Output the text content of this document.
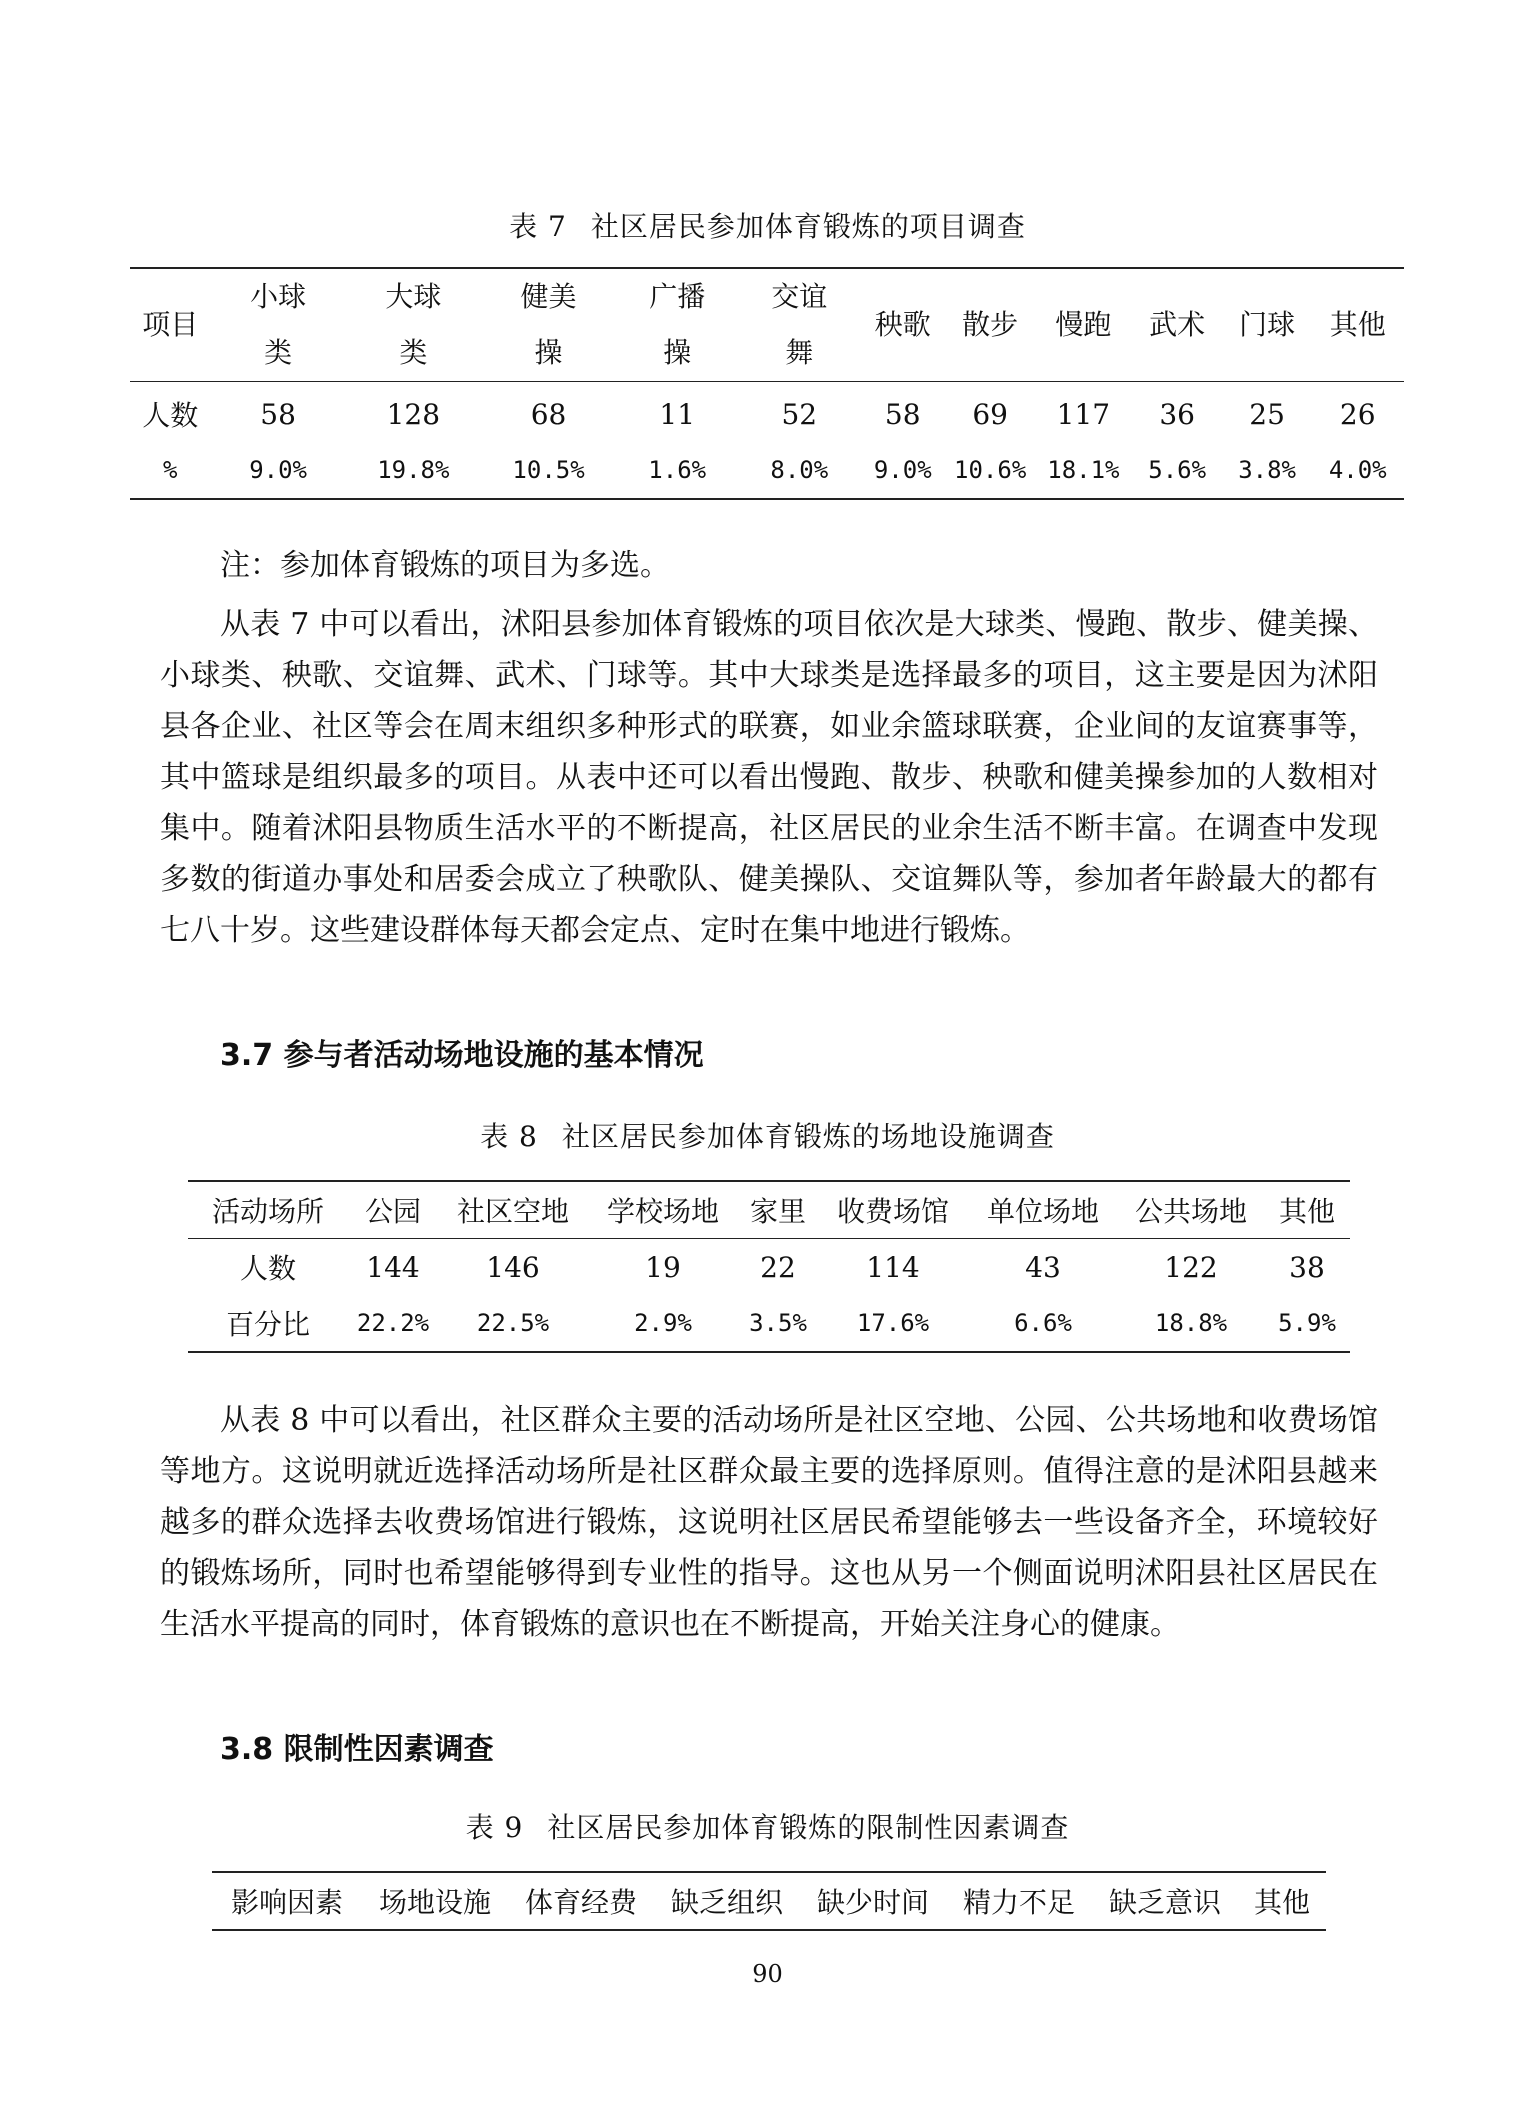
表 7 社区居民参加体育锻炼的项目调查
项目	小球类	大球类	健美操	广播操	交谊舞	秧歌	散步	慢跑	武术	门球	其他
人数	58	128	68	11	52	58	69	117	36	25	26
%	9.0%	19.8%	10.5%	1.6%	8.0%	9.0%	10.6%	18.1%	5.6%	3.8%	4.0%

注：参加体育锻炼的项目为多选。

从表 7 中可以看出，沭阳县参加体育锻炼的项目依次是大球类、慢跑、散步、健美操、小球类、秧歌、交谊舞、武术、门球等。其中大球类是选择最多的项目，这主要是因为沭阳县各企业、社区等会在周末组织多种形式的联赛，如业余篮球联赛，企业间的友谊赛事等，其中篮球是组织最多的项目。从表中还可以看出慢跑、散步、秧歌和健美操参加的人数相对集中。随着沭阳县物质生活水平的不断提高，社区居民的业余生活不断丰富。在调查中发现多数的街道办事处和居委会成立了秧歌队、健美操队、交谊舞队等，参加者年龄最大的都有七八十岁。这些建设群体每天都会定点、定时在集中地进行锻炼。

3.7 参与者活动场地设施的基本情况
表 8 社区居民参加体育锻炼的场地设施调查
活动场所	公园	社区空地	学校场地	家里	收费场馆	单位场地	公共场地	其他
人数	144	146	19	22	114	43	122	38
百分比	22.2%	22.5%	2.9%	3.5%	17.6%	6.6%	18.8%	5.9%

从表 8 中可以看出，社区群众主要的活动场所是社区空地、公园、公共场地和收费场馆等地方。这说明就近选择活动场所是社区群众最主要的选择原则。值得注意的是沭阳县越来越多的群众选择去收费场馆进行锻炼，这说明社区居民希望能够去一些设备齐全，环境较好的锻炼场所，同时也希望能够得到专业性的指导。这也从另一个侧面说明沭阳县社区居民在生活水平提高的同时，体育锻炼的意识也在不断提高，开始关注身心的健康。

3.8 限制性因素调查
表 9 社区居民参加体育锻炼的限制性因素调查
影响因素	场地设施	体育经费	缺乏组织	缺少时间	精力不足	缺乏意识	其他
90
